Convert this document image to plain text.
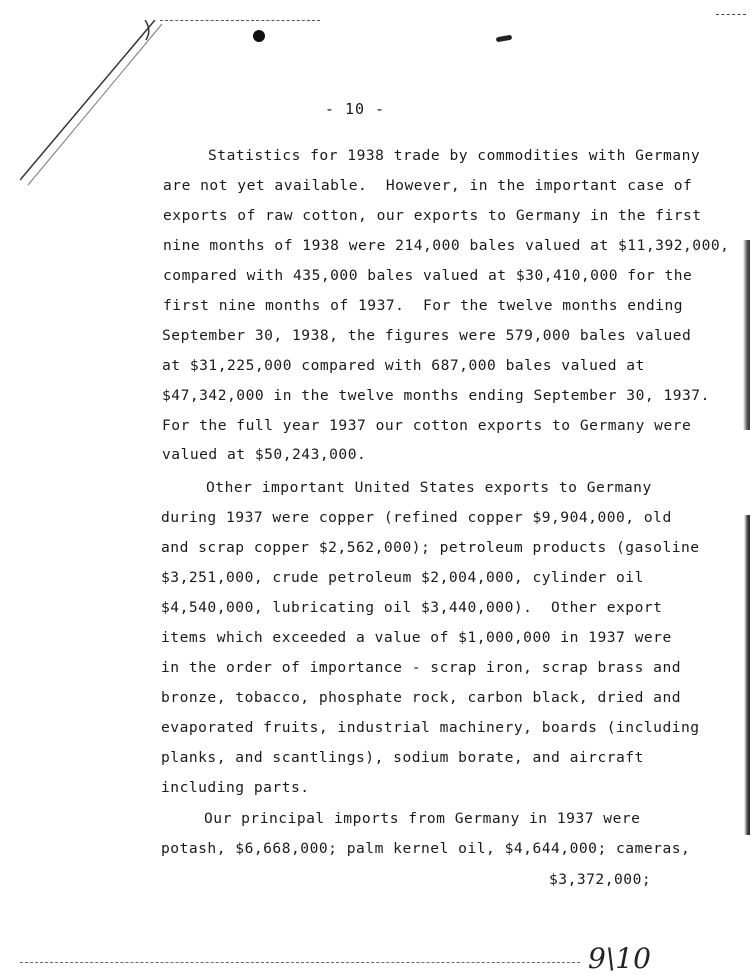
- 10 -
Statistics for 1938 trade by commodities with Germany
are not yet available.  However, in the important case of
exports of raw cotton, our exports to Germany in the first
nine months of 1938 were 214,000 bales valued at $11,392,000,
compared with 435,000 bales valued at $30,410,000 for the
first nine months of 1937.  For the twelve months ending
September 30, 1938, the figures were 579,000 bales valued
at $31,225,000 compared with 687,000 bales valued at
$47,342,000 in the twelve months ending September 30, 1937.
For the full year 1937 our cotton exports to Germany were
valued at $50,243,000.
Other important United States exports to Germany
during 1937 were copper (refined copper $9,904,000, old
and scrap copper $2,562,000); petroleum products (gasoline
$3,251,000, crude petroleum $2,004,000, cylinder oil
$4,540,000, lubricating oil $3,440,000).  Other export
items which exceeded a value of $1,000,000 in 1937 were
in the order of importance - scrap iron, scrap brass and
bronze, tobacco, phosphate rock, carbon black, dried and
evaporated fruits, industrial machinery, boards (including
planks, and scantlings), sodium borate, and aircraft
including parts.
Our principal imports from Germany in 1937 were
potash, $6,668,000; palm kernel oil, $4,644,000; cameras,
$3,372,000;
9\10
